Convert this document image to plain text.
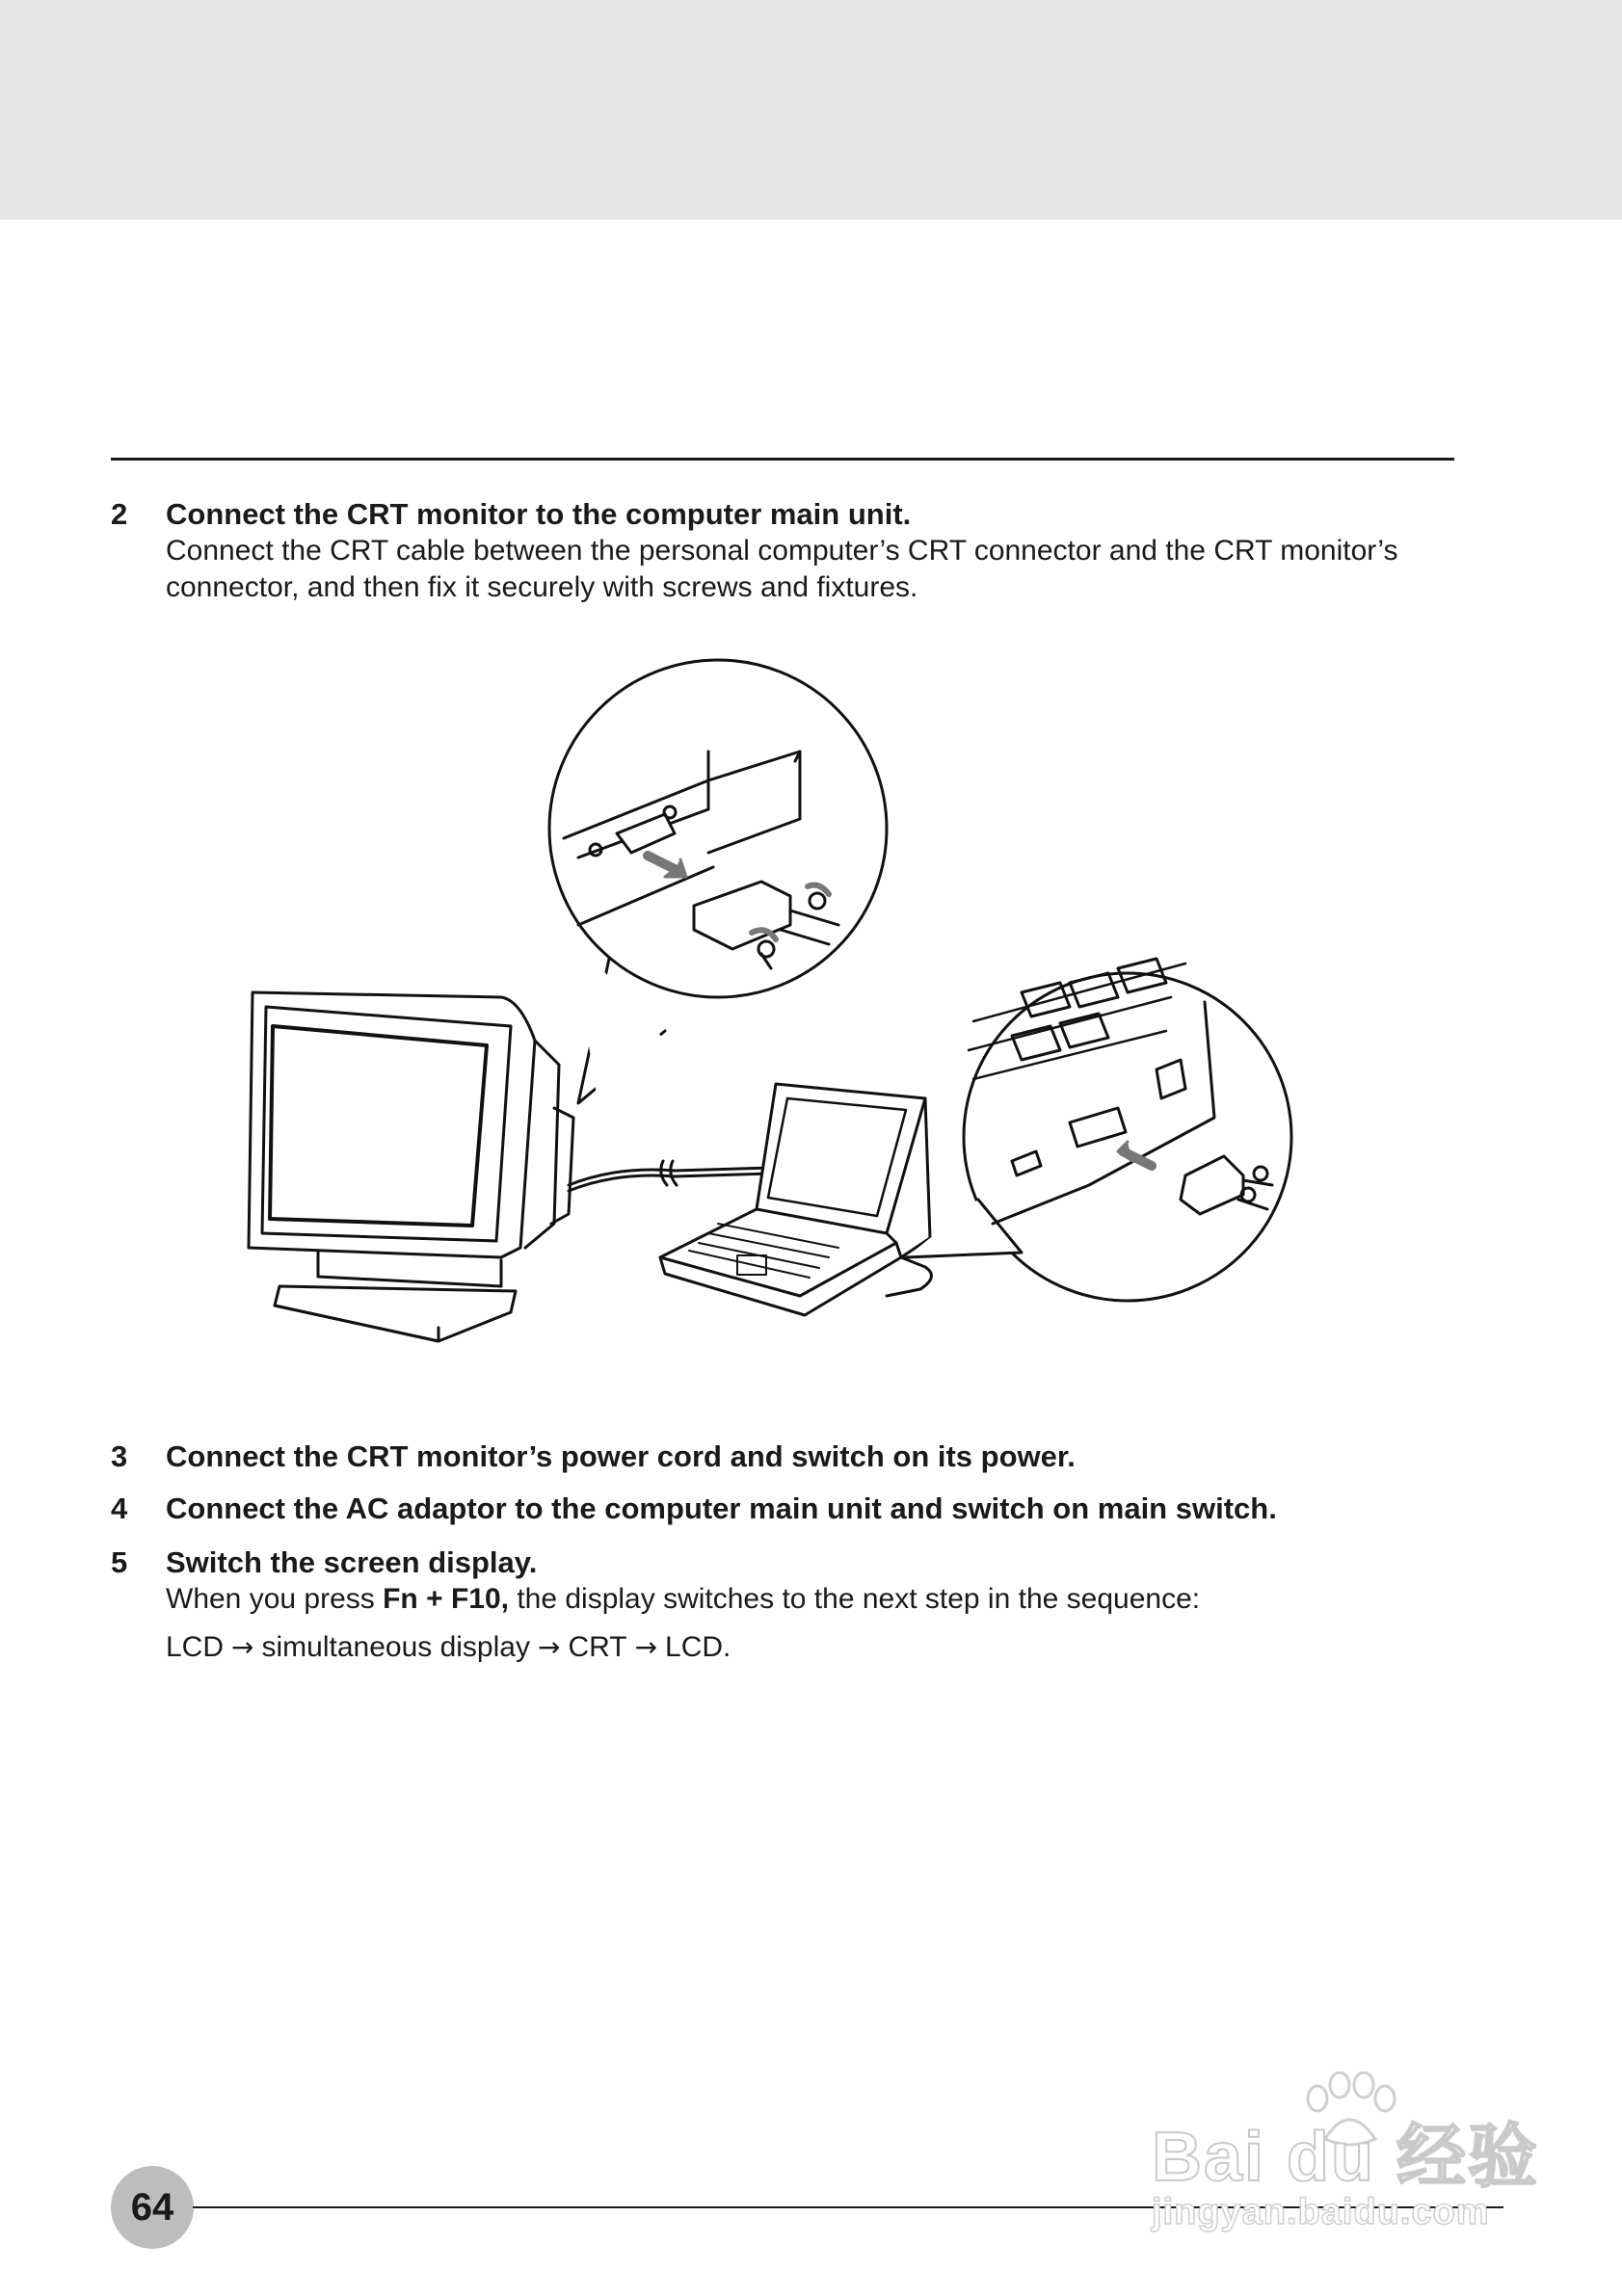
2	Connect the CRT monitor to the computer main unit.
Connect the CRT cable between the personal computer’s CRT connector and the CRT monitor’s connector, and then fix it securely with screws and fixtures.
3	Connect the CRT monitor’s power cord and switch on its power.
4	Connect the AC adaptor to the computer main unit and switch on main switch.
5	Switch the screen display.
When you press Fn + F10, the display switches to the next step in the sequence:
LCD → simultaneous display → CRT → LCD.
64
Bai du 经验
jingyan.baidu.com
